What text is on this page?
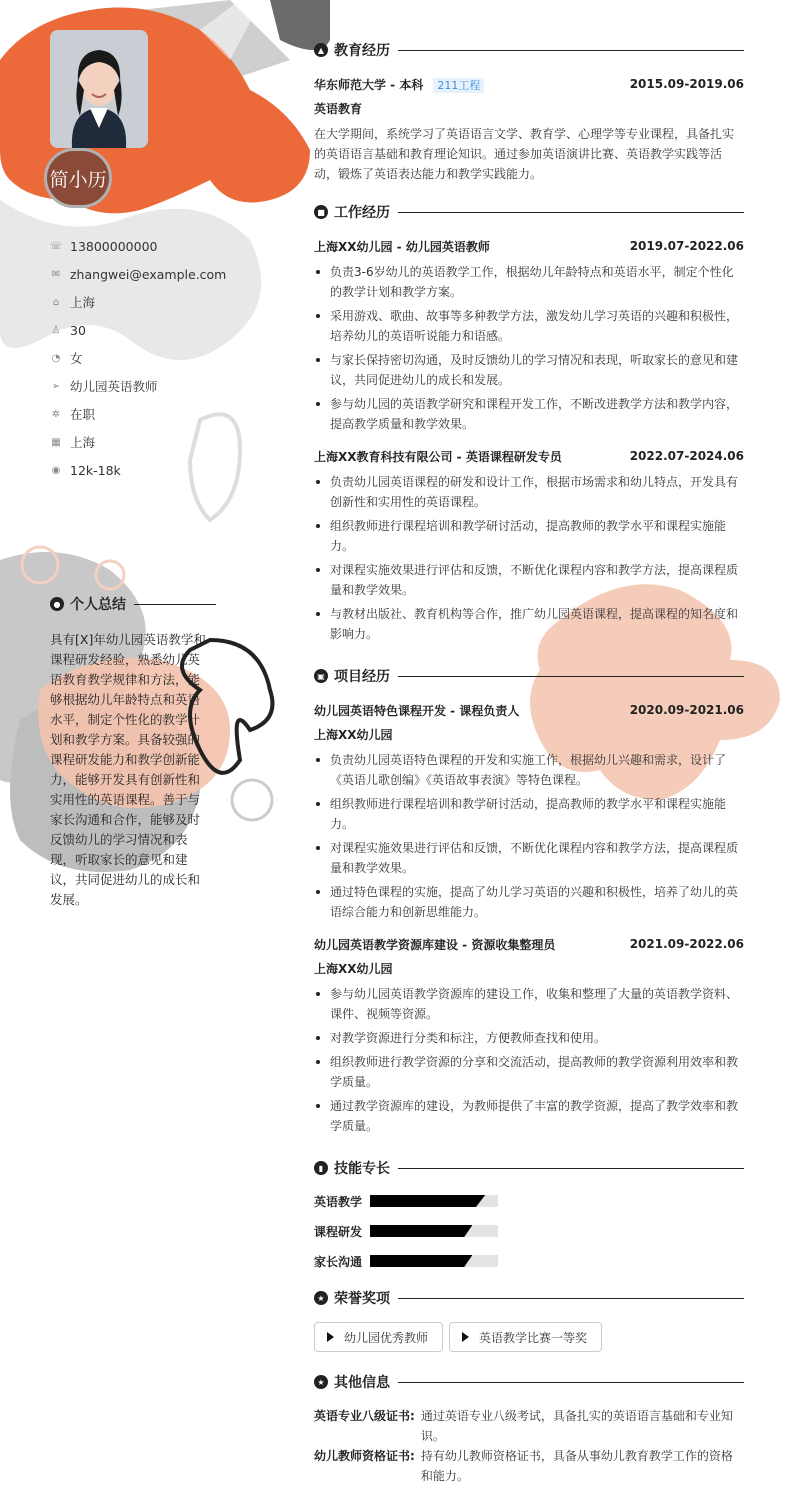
简小历
☏ 13800000000
✉ zhangwei@example.com
⌂ 上海
♙ 30
◔ 女
➢ 幼儿园英语教师
✲ 在职
▦ 上海
◉ 12k-18k
● 个人总结
具有[X]年幼儿园英语教学和课程研发经验，熟悉幼儿英语教育教学规律和方法，能够根据幼儿年龄特点和英语水平，制定个性化的教学计划和教学方案。具备较强的课程研发能力和教学创新能力，能够开发具有创新性和实用性的英语课程。善于与家长沟通和合作，能够及时反馈幼儿的学习情况和表现，听取家长的意见和建议，共同促进幼儿的成长和发展。
▲ 教育经历
华东师范大学 - 本科 211工程	2015.09-2019.06
英语教育
在大学期间，系统学习了英语语言文学、教育学、心理学等专业课程，具备扎实的英语语言基础和教育理论知识。通过参加英语演讲比赛、英语教学实践等活动，锻炼了英语表达能力和教学实践能力。
■ 工作经历
上海XX幼儿园 - 幼儿园英语教师	2019.07-2022.06
负责3-6岁幼儿的英语教学工作，根据幼儿年龄特点和英语水平，制定个性化的教学计划和教学方案。
采用游戏、歌曲、故事等多种教学方法，激发幼儿学习英语的兴趣和积极性，培养幼儿的英语听说能力和语感。
与家长保持密切沟通，及时反馈幼儿的学习情况和表现，听取家长的意见和建议，共同促进幼儿的成长和发展。
参与幼儿园的英语教学研究和课程开发工作，不断改进教学方法和教学内容，提高教学质量和教学效果。
上海XX教育科技有限公司 - 英语课程研发专员	2022.07-2024.06
负责幼儿园英语课程的研发和设计工作，根据市场需求和幼儿特点，开发具有创新性和实用性的英语课程。
组织教师进行课程培训和教学研讨活动，提高教师的教学水平和课程实施能力。
对课程实施效果进行评估和反馈，不断优化课程内容和教学方法，提高课程质量和教学效果。
与教材出版社、教育机构等合作，推广幼儿园英语课程，提高课程的知名度和影响力。
▣ 项目经历
幼儿园英语特色课程开发 - 课程负责人	2020.09-2021.06
上海XX幼儿园
负责幼儿园英语特色课程的开发和实施工作，根据幼儿兴趣和需求，设计了《英语儿歌创编》《英语故事表演》等特色课程。
组织教师进行课程培训和教学研讨活动，提高教师的教学水平和课程实施能力。
对课程实施效果进行评估和反馈，不断优化课程内容和教学方法，提高课程质量和教学效果。
通过特色课程的实施，提高了幼儿学习英语的兴趣和积极性，培养了幼儿的英语综合能力和创新思维能力。
幼儿园英语教学资源库建设 - 资源收集整理员	2021.09-2022.06
上海XX幼儿园
参与幼儿园英语教学资源库的建设工作，收集和整理了大量的英语教学资料、课件、视频等资源。
对教学资源进行分类和标注，方便教师查找和使用。
组织教师进行教学资源的分享和交流活动，提高教师的教学资源利用效率和教学质量。
通过教学资源库的建设，为教师提供了丰富的教学资源，提高了教学效率和教学质量。
▮ 技能专长
英语教学
课程研发
家长沟通
★ 荣誉奖项
幼儿园优秀教师	英语教学比赛一等奖
★ 其他信息
英语专业八级证书: 通过英语专业八级考试，具备扎实的英语语言基础和专业知识。
幼儿教师资格证书: 持有幼儿教师资格证书，具备从事幼儿教育教学工作的资格和能力。
